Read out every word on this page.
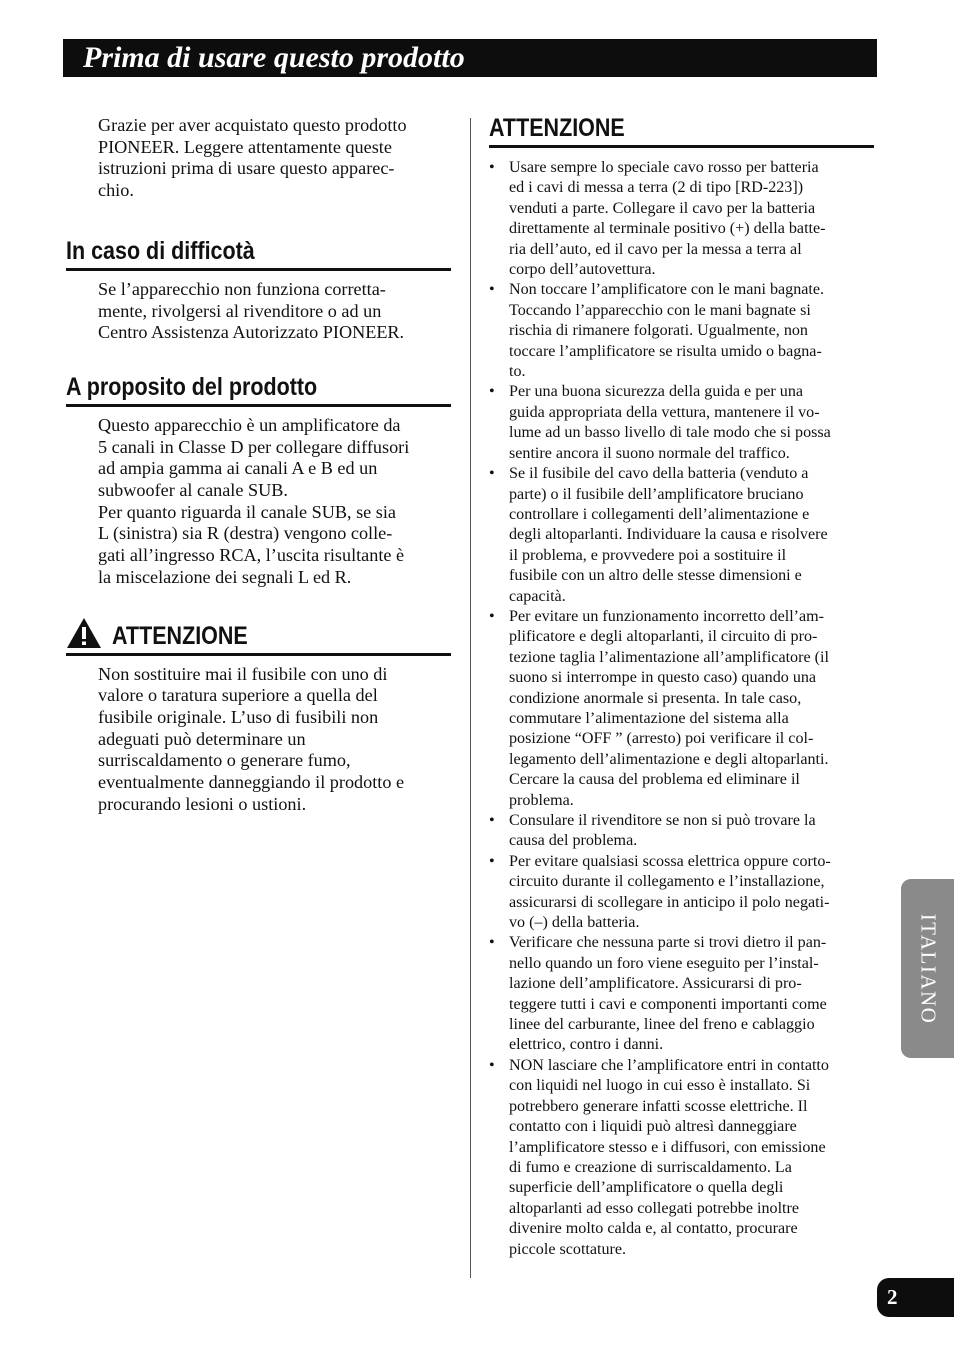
Prima di usare questo prodotto
Grazie per aver acquistato questo prodotto
PIONEER. Leggere attentamente queste
istruzioni prima di usare questo apparec-
chio.
In caso di difficotà
Se l’apparecchio non funziona corretta-
mente, rivolgersi al rivenditore o ad un
Centro Assistenza Autorizzato PIONEER.
A proposito del prodotto
Questo apparecchio è un amplificatore da
5 canali in Classe D per collegare diffusori
ad ampia gamma ai canali A e B ed un
subwoofer al canale SUB.
Per quanto riguarda il canale SUB, se sia
L (sinistra) sia R (destra) vengono colle-
gati all’ingresso RCA, l’uscita risultante è
la miscelazione dei segnali L ed R.
ATTENZIONE
Non sostituire mai il fusibile con uno di
valore o taratura superiore a quella del
fusibile originale. L’uso di fusibili non
adeguati può determinare un
surriscaldamento o generare fumo,
eventualmente danneggiando il prodotto e
procurando lesioni o ustioni.
ATTENZIONE
• Usare sempre lo speciale cavo rosso per batteria
ed i cavi di messa a terra (2 di tipo [RD-223])
venduti a parte. Collegare il cavo per la batteria
direttamente al terminale positivo (+) della batte-
ria dell’auto, ed il cavo per la messa a terra al
corpo dell’autovettura.
• Non toccare l’amplificatore con le mani bagnate.
Toccando l’apparecchio con le mani bagnate si
rischia di rimanere folgorati. Ugualmente, non
toccare l’amplificatore se risulta umido o bagna-
to.
• Per una buona sicurezza della guida e per una
guida appropriata della vettura, mantenere il vo-
lume ad un basso livello di tale modo che si possa
sentire ancora il suono normale del traffico.
• Se il fusibile del cavo della batteria (venduto a
parte) o il fusibile dell’amplificatore bruciano
controllare i collegamenti dell’alimentazione e
degli altoparlanti. Individuare la causa e risolvere
il problema, e provvedere poi a sostituire il
fusibile con un altro delle stesse dimensioni e
capacità.
• Per evitare un funzionamento incorretto dell’am-
plificatore e degli altoparlanti, il circuito di pro-
tezione taglia l’alimentazione all’amplificatore (il
suono si interrompe in questo caso) quando una
condizione anormale si presenta. In tale caso,
commutare l’alimentazione del sistema alla
posizione “OFF ” (arresto) poi verificare il col-
legamento dell’alimentazione e degli altoparlanti.
Cercare la causa del problema ed eliminare il
problema.
• Consulare il rivenditore se non si può trovare la
causa del problema.
• Per evitare qualsiasi scossa elettrica oppure corto-
circuito durante il collegamento e l’installazione,
assicurarsi di scollegare in anticipo il polo negati-
vo (–) della batteria.
• Verificare che nessuna parte si trovi dietro il pan-
nello quando un foro viene eseguito per l’instal-
lazione dell’amplificatore. Assicurarsi di pro-
teggere tutti i cavi e componenti importanti come
linee del carburante, linee del freno e cablaggio
elettrico, contro i danni.
• NON lasciare che l’amplificatore entri in contatto
con liquidi nel luogo in cui esso è installato. Si
potrebbero generare infatti scosse elettriche. Il
contatto con i liquidi può altresì danneggiare
l’amplificatore stesso e i diffusori, con emissione
di fumo e creazione di surriscaldamento. La
superficie dell’amplificatore o quella degli
altoparlanti ad esso collegati potrebbe inoltre
divenire molto calda e, al contatto, procurare
piccole scottature.
ITALIANO
2
